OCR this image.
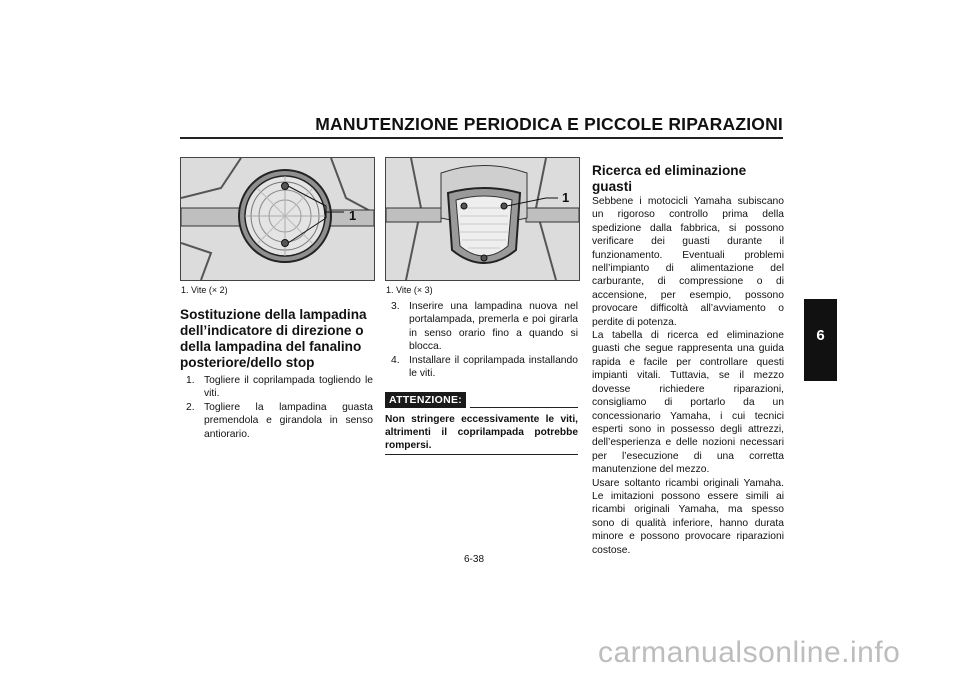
MANUTENZIONE PERIODICA E PICCOLE RIPARAZIONI
6
1
1. Vite (× 2)
Sostituzione della lampadina dell’indicatore di direzione o della lampadina del fanalino posteriore/dello stop
1. Togliere il coprilampada togliendo le viti.
2. Togliere la lampadina guasta premendola e girandola in senso antiorario.
1
1. Vite (× 3)
3. Inserire una lampadina nuova nel portalampada, premerla e poi girarla in senso orario fino a quando si blocca.
4. Installare il coprilampada installando le viti.
ATTENZIONE:
Non stringere eccessivamente le viti, altrimenti il coprilampada potrebbe rompersi.
Ricerca ed eliminazione guasti
Sebbene i motocicli Yamaha subiscano un rigoroso controllo prima della spedizione dalla fabbrica, si possono verificare dei guasti durante il funzionamento. Eventuali problemi nell’impianto di alimentazione del carburante, di compressione o di accensione, per esempio, possono provocare difficoltà all’avviamento o perdite di potenza.
La tabella di ricerca ed eliminazione guasti che segue rappresenta una guida rapida e facile per controllare questi impianti vitali. Tuttavia, se il mezzo dovesse richiedere riparazioni, consigliamo di portarlo da un concessionario Yamaha, i cui tecnici esperti sono in possesso degli attrezzi, dell’esperienza e delle nozioni necessari per l’esecuzione di una corretta manutenzione del mezzo.
Usare soltanto ricambi originali Yamaha. Le imitazioni possono essere simili ai ricambi originali Yamaha, ma spesso sono di qualità inferiore, hanno durata minore e possono provocare riparazioni costose.
6-38
carmanualsonline.info
